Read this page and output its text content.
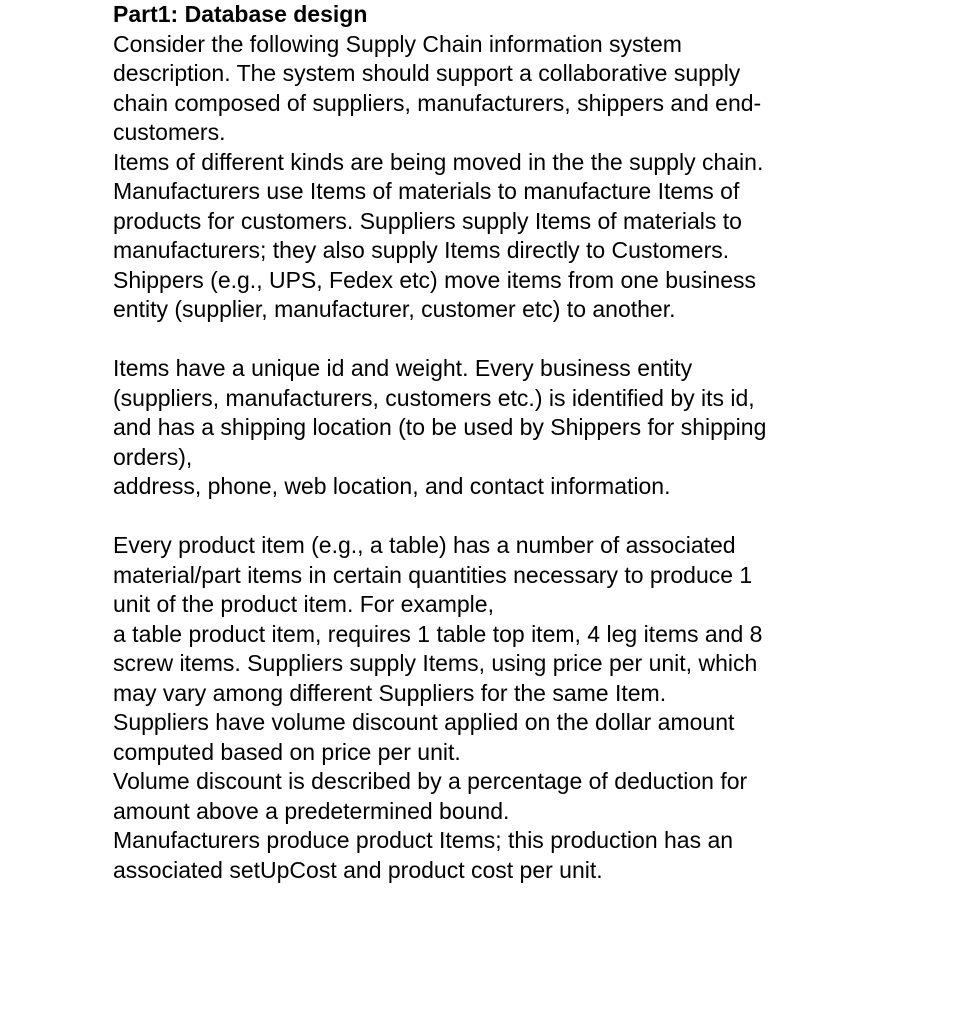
Part1: Database design
Consider the following Supply Chain information system
description. The system should support a collaborative supply
chain composed of suppliers, manufacturers, shippers and end-
customers.
Items of different kinds are being moved in the the supply chain.
Manufacturers use Items of materials to manufacture Items of
products for customers. Suppliers supply Items of materials to
manufacturers; they also supply Items directly to Customers.
Shippers (e.g., UPS, Fedex etc) move items from one business
entity (supplier, manufacturer, customer etc) to another.
Items have a unique id and weight. Every business entity
(suppliers, manufacturers, customers etc.) is identified by its id,
and has a shipping location (to be used by Shippers for shipping
orders),
address, phone, web location, and contact information.
Every product item (e.g., a table) has a number of associated
material/part items in certain quantities necessary to produce 1
unit of the product item. For example,
a table product item, requires 1 table top item, 4 leg items and 8
screw items. Suppliers supply Items, using price per unit, which
may vary among different Suppliers for the same Item.
Suppliers have volume discount applied on the dollar amount
computed based on price per unit.
Volume discount is described by a percentage of deduction for
amount above a predetermined bound.
Manufacturers produce product Items; this production has an
associated setUpCost and product cost per unit.
